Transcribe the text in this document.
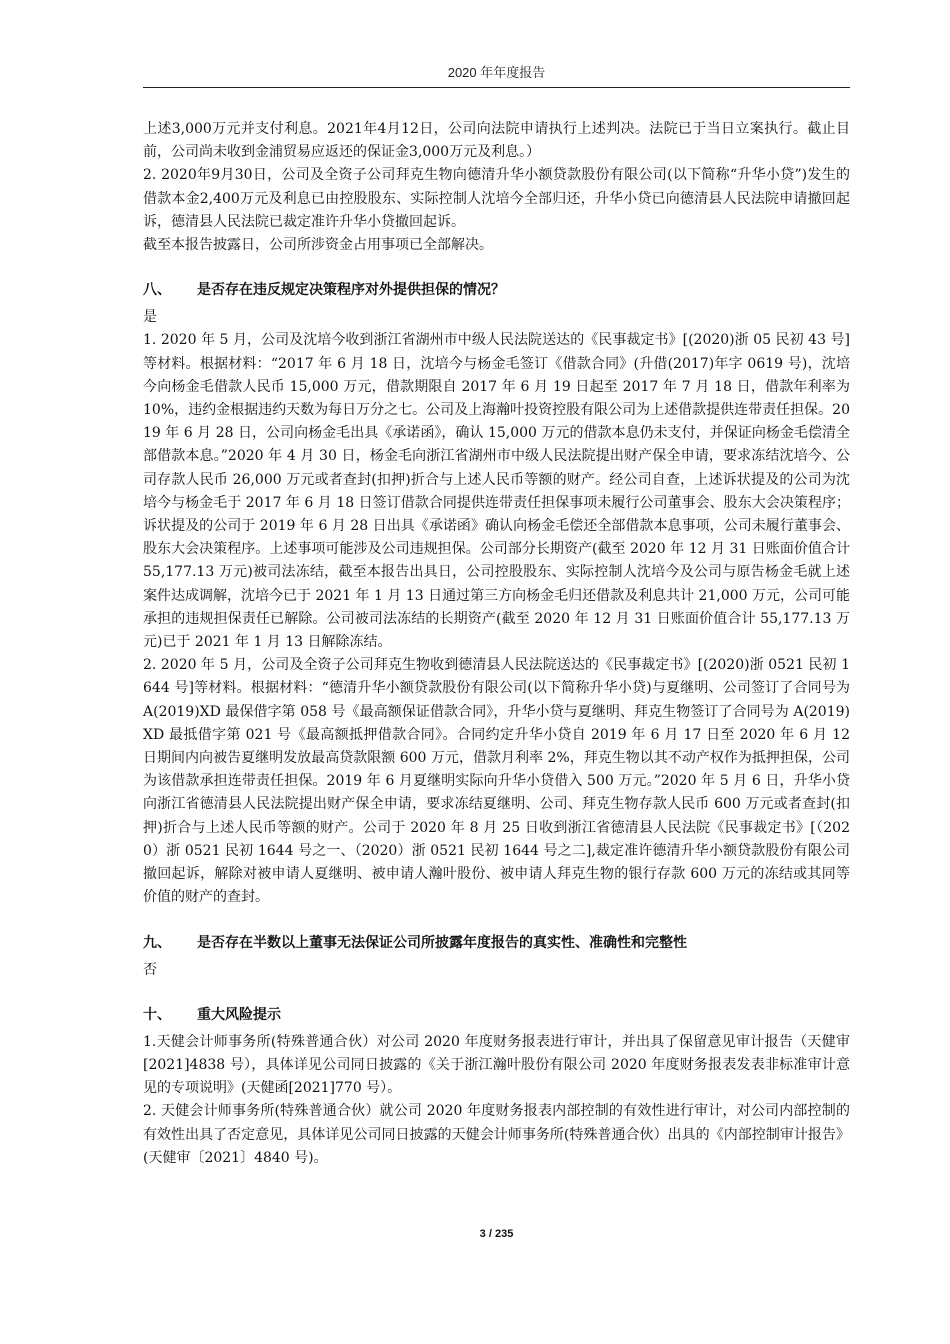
2020 年年度报告

上述3,000万元并支付利息。2021年4月12日，公司向法院申请执行上述判决。法院已于当日立案执行。截止目前，公司尚未收到金浦贸易应返还的保证金3,000万元及利息。）

2. 2020年9月30日，公司及全资子公司拜克生物向德清升华小额贷款股份有限公司(以下简称“升华小贷”)发生的借款本金2,400万元及利息已由控股股东、实际控制人沈培今全部归还，升华小贷已向德清县人民法院申请撤回起诉，德清县人民法院已裁定准许升华小贷撤回起诉。

截至本报告披露日，公司所涉资金占用事项已全部解决。

八、	是否存在违反规定决策程序对外提供担保的情况？

是

1. 2020 年 5 月，公司及沈培今收到浙江省湖州市中级人民法院送达的《民事裁定书》[(2020)浙 05 民初 43 号]等材料。根据材料：“2017 年 6 月 18 日，沈培今与杨金毛签订《借款合同》(升借(2017)年字 0619 号)，沈培今向杨金毛借款人民币 15,000 万元，借款期限自 2017 年 6 月 19 日起至 2017 年 7 月 18 日，借款年利率为 10%，违约金根据违约天数为每日万分之七。公司及上海瀚叶投资控股有限公司为上述借款提供连带责任担保。2019 年 6 月 28 日，公司向杨金毛出具《承诺函》，确认 15,000 万元的借款本息仍未支付，并保证向杨金毛偿清全部借款本息。”2020 年 4 月 30 日，杨金毛向浙江省湖州市中级人民法院提出财产保全申请，要求冻结沈培今、公司存款人民币 26,000 万元或者查封(扣押)折合与上述人民币等额的财产。经公司自查，上述诉状提及的公司为沈培今与杨金毛于 2017 年 6 月 18 日签订借款合同提供连带责任担保事项未履行公司董事会、股东大会决策程序；诉状提及的公司于 2019 年 6 月 28 日出具《承诺函》确认向杨金毛偿还全部借款本息事项，公司未履行董事会、股东大会决策程序。上述事项可能涉及公司违规担保。公司部分长期资产(截至 2020 年 12 月 31 日账面价值合计 55,177.13 万元)被司法冻结，截至本报告出具日，公司控股股东、实际控制人沈培今及公司与原告杨金毛就上述案件达成调解，沈培今已于 2021 年 1 月 13 日通过第三方向杨金毛归还借款及利息共计 21,000 万元，公司可能承担的违规担保责任已解除。公司被司法冻结的长期资产(截至 2020 年 12 月 31 日账面价值合计 55,177.13 万元)已于 2021 年 1 月 13 日解除冻结。

2. 2020 年 5 月，公司及全资子公司拜克生物收到德清县人民法院送达的《民事裁定书》[(2020)浙 0521 民初 1644 号]等材料。根据材料：“德清升华小额贷款股份有限公司(以下简称升华小贷)与夏继明、公司签订了合同号为 A(2019)XD 最保借字第 058 号《最高额保证借款合同》，升华小贷与夏继明、拜克生物签订了合同号为 A(2019)XD 最抵借字第 021 号《最高额抵押借款合同》。合同约定升华小贷自 2019 年 6 月 17 日至 2020 年 6 月 12 日期间内向被告夏继明发放最高贷款限额 600 万元，借款月利率 2%，拜克生物以其不动产权作为抵押担保，公司为该借款承担连带责任担保。2019 年 6 月夏继明实际向升华小贷借入 500 万元。”2020 年 5 月 6 日，升华小贷向浙江省德清县人民法院提出财产保全申请，要求冻结夏继明、公司、拜克生物存款人民币 600 万元或者查封(扣押)折合与上述人民币等额的财产。公司于 2020 年 8 月 25 日收到浙江省德清县人民法院《民事裁定书》[（2020）浙 0521 民初 1644 号之一、（2020）浙 0521 民初 1644 号之二],裁定准许德清升华小额贷款股份有限公司撤回起诉，解除对被申请人夏继明、被申请人瀚叶股份、被申请人拜克生物的银行存款 600 万元的冻结或其同等价值的财产的查封。

九、	是否存在半数以上董事无法保证公司所披露年度报告的真实性、准确性和完整性

否

十、	重大风险提示

1.天健会计师事务所(特殊普通合伙）对公司 2020 年度财务报表进行审计，并出具了保留意见审计报告（天健审[2021]4838 号），具体详见公司同日披露的《关于浙江瀚叶股份有限公司 2020 年度财务报表发表非标准审计意见的专项说明》(天健函[2021]770 号）。

2. 天健会计师事务所(特殊普通合伙）就公司 2020 年度财务报表内部控制的有效性进行审计，对公司内部控制的有效性出具了否定意见，具体详见公司同日披露的天健会计师事务所(特殊普通合伙）出具的《内部控制审计报告》(天健审〔2021〕4840 号)。

3 / 235
